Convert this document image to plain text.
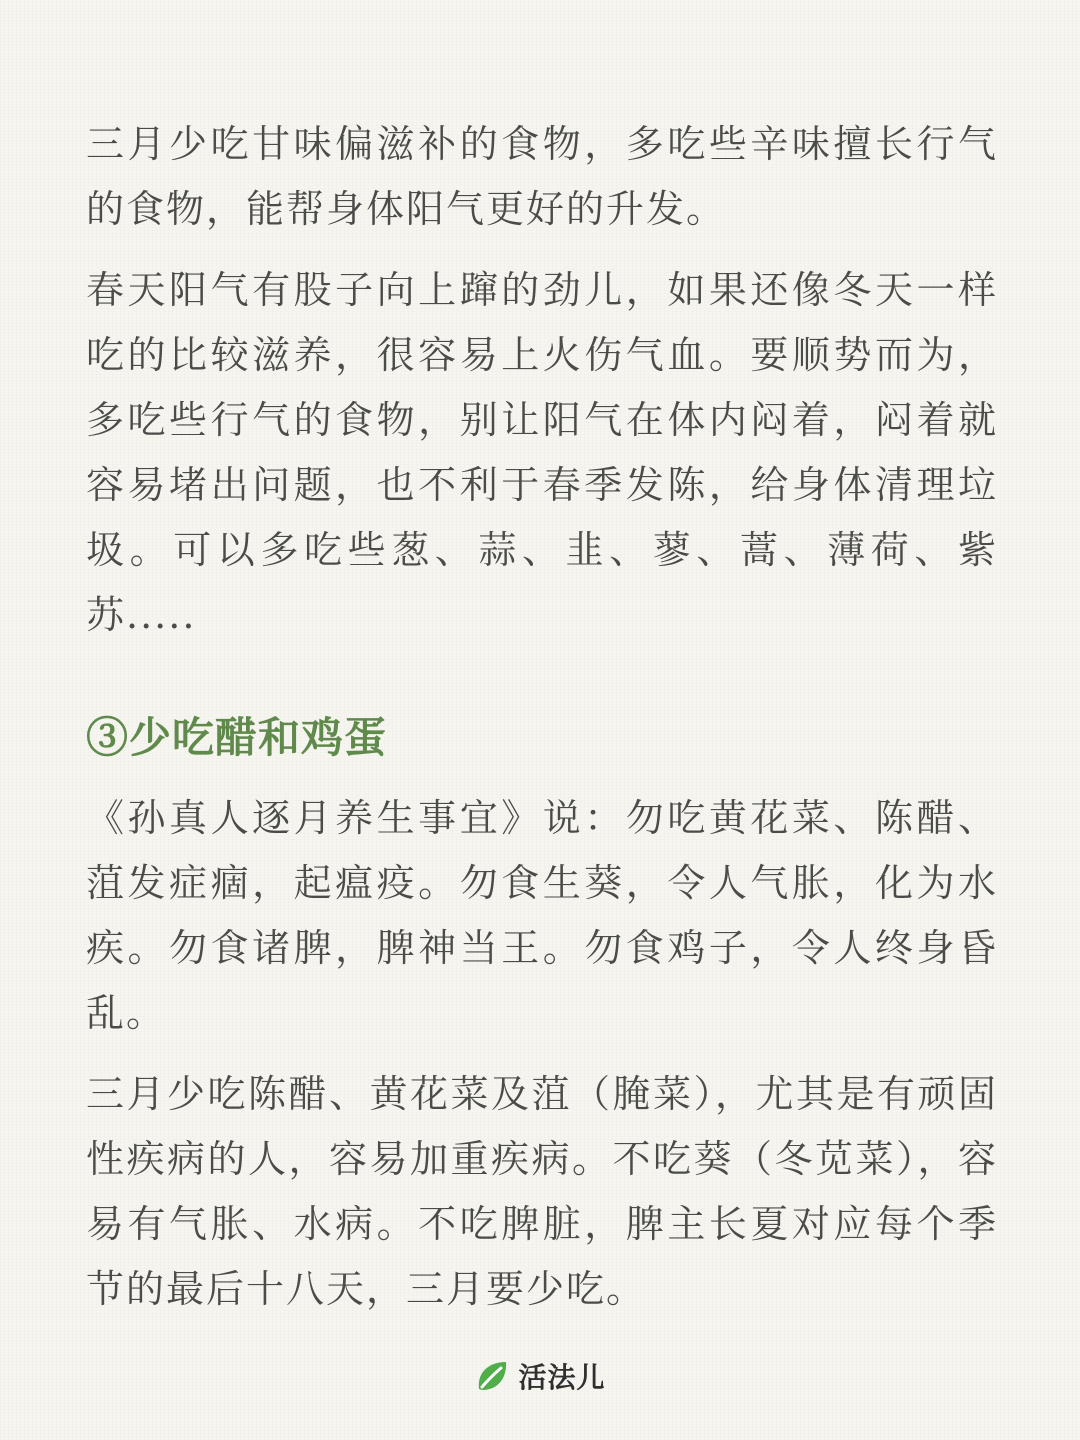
三月少吃甘味偏滋补的食物，多吃些辛味擅长行气的食物，能帮身体阳气更好的升发。

春天阳气有股子向上蹿的劲儿，如果还像冬天一样吃的比较滋养，很容易上火伤气血。要顺势而为，多吃些行气的食物，别让阳气在体内闷着，闷着就容易堵出问题，也不利于春季发陈，给身体清理垃圾。可以多吃些葱、蒜、韭、蓼、蒿、薄荷、紫苏.....

③少吃醋和鸡蛋

《孙真人逐月养生事宜》说：勿吃黄花菜、陈醋、菹发症痼，起瘟疫。勿食生葵，令人气胀，化为水疾。勿食诸脾，脾神当王。勿食鸡子，令人终身昏乱。

三月少吃陈醋、黄花菜及菹（腌菜），尤其是有顽固性疾病的人，容易加重疾病。不吃葵（冬苋菜），容易有气胀、水病。不吃脾脏，脾主长夏对应每个季节的最后十八天，三月要少吃。

活法儿
